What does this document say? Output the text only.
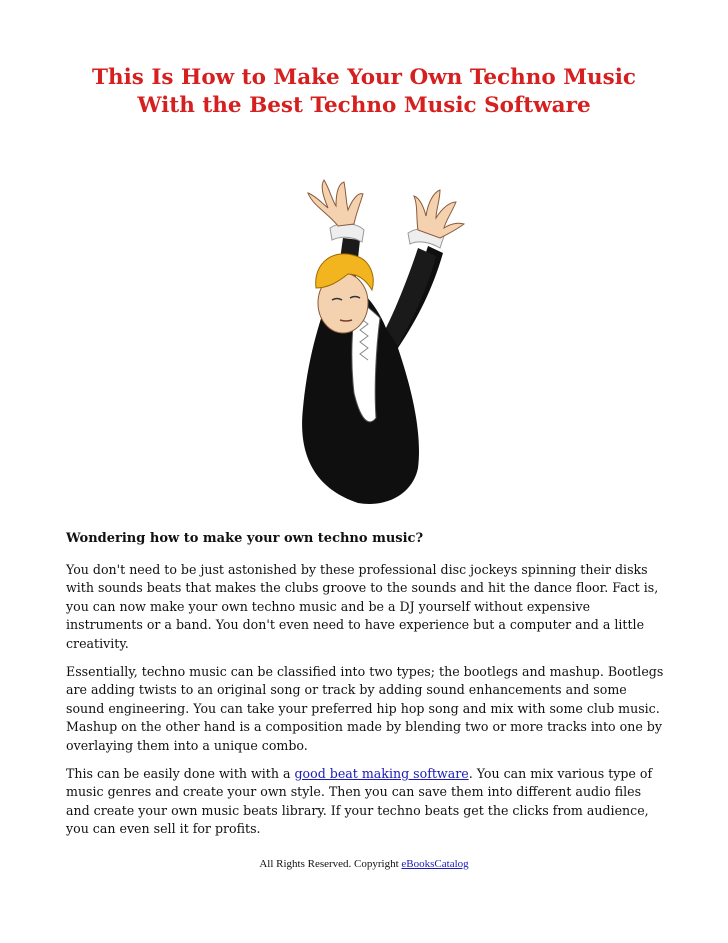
This Is How to Make Your Own Techno Music
With the Best Techno Music Software
Wondering how to make your own techno music?

You don't need to be just astonished by these professional disc jockeys spinning their disks with sounds beats that makes the clubs groove to the sounds and hit the dance floor. Fact is, you can now make your own techno music and be a DJ yourself without expensive instruments or a band. You don't even need to have experience but a computer and a little creativity.

Essentially, techno music can be classified into two types; the bootlegs and mashup. Bootlegs are adding twists to an original song or track by adding sound enhancements and some sound engineering. You can take your preferred hip hop song and mix with some club music. Mashup on the other hand is a composition made by blending two or more tracks into one by overlaying them into a unique combo.

This can be easily done with with a good beat making software. You can mix various type of music genres and create your own style. Then you can save them into different audio files and create your own music beats library. If your techno beats get the clicks from audience, you can even sell it for profits.

All Rights Reserved. Copyright eBooksCatalog
